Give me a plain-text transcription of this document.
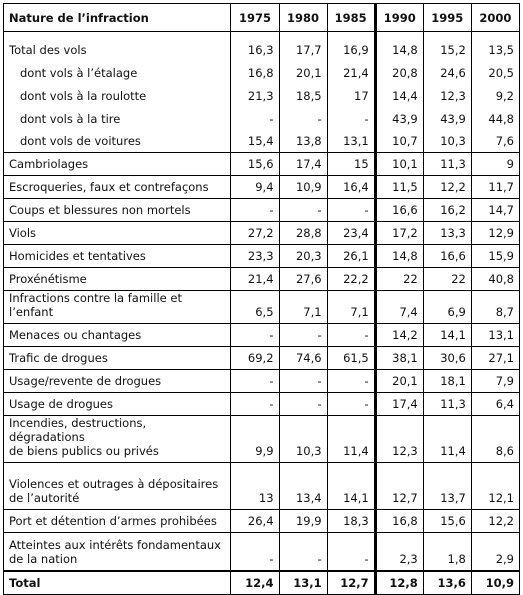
Nature de l’infraction	1975	1980	1985	1990	1995	2000
Total des vols	16,3	17,7	16,9	14,8	15,2	13,5
dont vols à l’étalage	16,8	20,1	21,4	20,8	24,6	20,5
dont vols à la roulotte	21,3	18,5	17	14,4	12,3	9,2
dont vols à la tire	-	-	-	43,9	43,9	44,8
dont vols de voitures	15,4	13,8	13,1	10,7	10,3	7,6
Cambriolages	15,6	17,4	15	10,1	11,3	9
Escroqueries, faux et contrefaçons	9,4	10,9	16,4	11,5	12,2	11,7
Coups et blessures non mortels	-	-	-	16,6	16,2	14,7
Viols	27,2	28,8	23,4	17,2	13,3	12,9
Homicides et tentatives	23,3	20,3	26,1	14,8	16,6	15,9
Proxénétisme	21,4	27,6	22,2	22	22	40,8
Infractions contre la famille et l’enfant	6,5	7,1	7,1	7,4	6,9	8,7
Menaces ou chantages	-	-	-	14,2	14,1	13,1
Trafic de drogues	69,2	74,6	61,5	38,1	30,6	27,1
Usage/revente de drogues	-	-	-	20,1	18,1	7,9
Usage de drogues	-	-	-	17,4	11,3	6,4

Incendies, destructions, dégradations
de biens publics ou privés	9,9	10,3	11,4	12,3	11,4	8,6

Violences et outrages à dépositaires
de l’autorité	13	13,4	14,1	12,7	13,7	12,1
Port et détention d’armes prohibées	26,4	19,9	18,3	16,8	15,6	12,2

Atteintes aux intérêts fondamentaux
de la nation	-	-	-	2,3	1,8	2,9
Total	12,4	13,1	12,7	12,8	13,6	10,9
